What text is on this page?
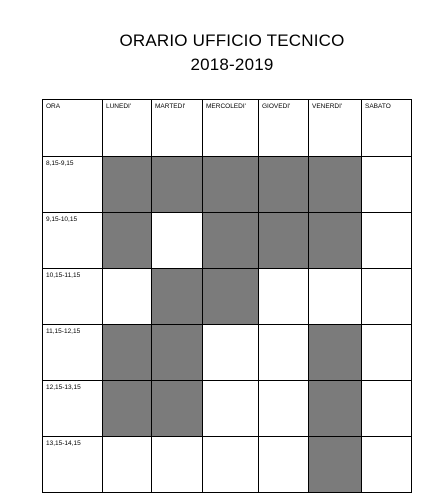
ORARIO UFFICIO TECNICO
2018-2019
ORA	LUNEDI'	MARTEDI'	MERCOLEDI'	GIOVEDI'	VENERDI'	SABATO

8,15-9,15						

9,15-10,15						

10,15-11,15						

11,15-12,15						

12,15-13,15						

13,15-14,15						
